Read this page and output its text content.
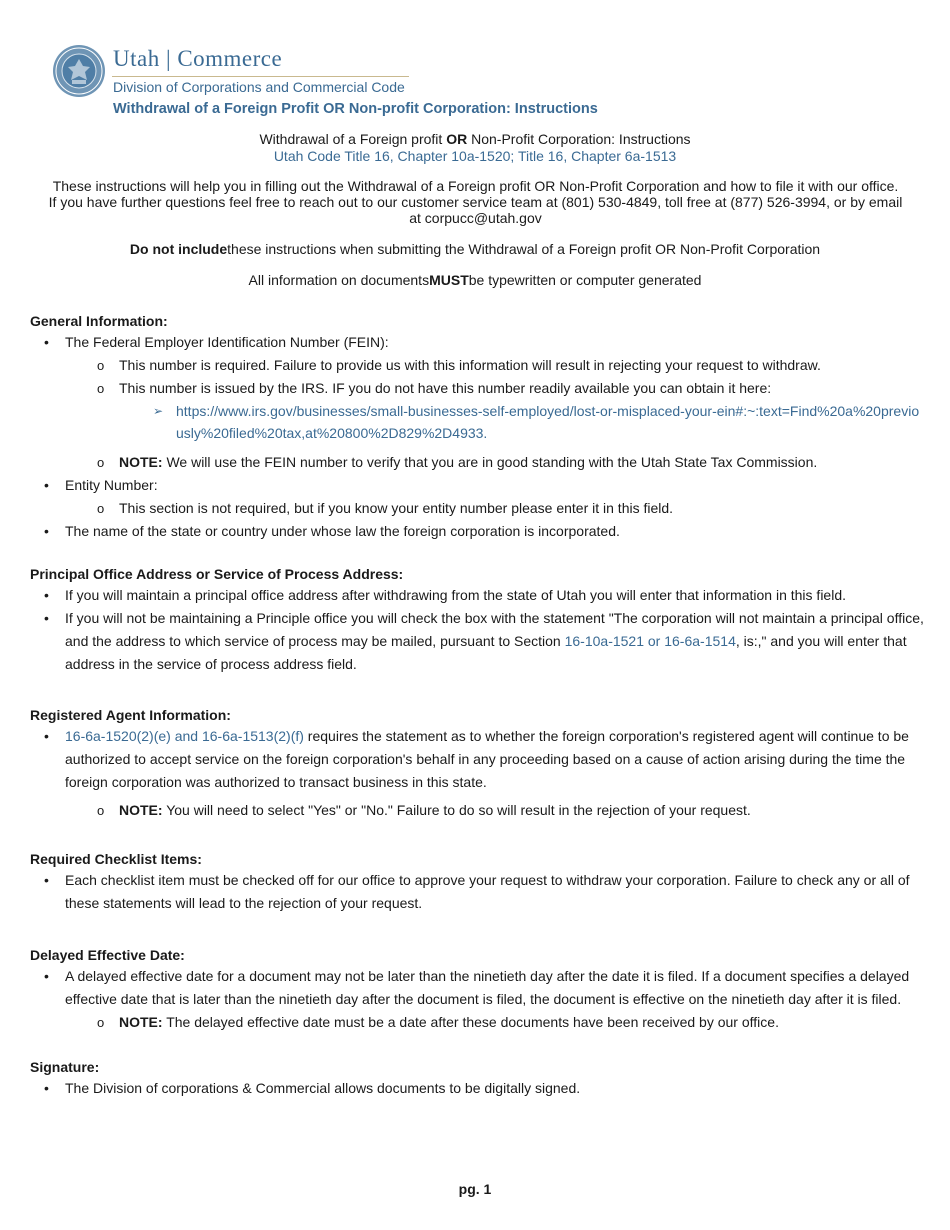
Utah | Commerce
Division of Corporations and Commercial Code
Withdrawal of a Foreign Profit OR Non-profit Corporation: Instructions
Withdrawal of a Foreign profit OR Non-Profit Corporation: Instructions
Utah Code Title 16, Chapter 10a-1520; Title 16, Chapter 6a-1513
These instructions will help you in filling out the Withdrawal of a Foreign profit OR Non-Profit Corporation and how to file it with our office. If you have further questions feel free to reach out to our customer service team at (801) 530-4849, toll free at (877) 526-3994, or by email at corpucc@utah.gov
Do not includethese instructions when submitting the Withdrawal of a Foreign profit OR Non-Profit Corporation
All information on documentsMUSTbe typewritten or computer generated
General Information:
• The Federal Employer Identification Number (FEIN):
o This number is required. Failure to provide us with this information will result in rejecting your request to withdraw.
o This number is issued by the IRS. IF you do not have this number readily available you can obtain it here:
➢ https://www.irs.gov/businesses/small-businesses-self-employed/lost-or-misplaced-your-ein#:~:text=Find%20a%20previously%20filed%20tax,at%20800%2D829%2D4933.
o NOTE: We will use the FEIN number to verify that you are in good standing with the Utah State Tax Commission.
• Entity Number:
o This section is not required, but if you know your entity number please enter it in this field.
• The name of the state or country under whose law the foreign corporation is incorporated.
Principal Office Address or Service of Process Address:
• If you will maintain a principal office address after withdrawing from the state of Utah you will enter that information in this field.
• If you will not be maintaining a Principle office you will check the box with the statement "The corporation will not maintain a principal office, and the address to which service of process may be mailed, pursuant to Section 16-10a-1521 or 16-6a-1514, is:," and you will enter that address in the service of process address field.
Registered Agent Information:
• 16-6a-1520(2)(e) and 16-6a-1513(2)(f) requires the statement as to whether the foreign corporation's registered agent will continue to be authorized to accept service on the foreign corporation's behalf in any proceeding based on a cause of action arising during the time the foreign corporation was authorized to transact business in this state.
o NOTE: You will need to select "Yes" or "No." Failure to do so will result in the rejection of your request.
Required Checklist Items:
• Each checklist item must be checked off for our office to approve your request to withdraw your corporation. Failure to check any or all of these statements will lead to the rejection of your request.
Delayed Effective Date:
• A delayed effective date for a document may not be later than the ninetieth day after the date it is filed. If a document specifies a delayed effective date that is later than the ninetieth day after the document is filed, the document is effective on the ninetieth day after it is filed.
o NOTE: The delayed effective date must be a date after these documents have been received by our office.
Signature:
• The Division of corporations & Commercial allows documents to be digitally signed.
pg. 1
